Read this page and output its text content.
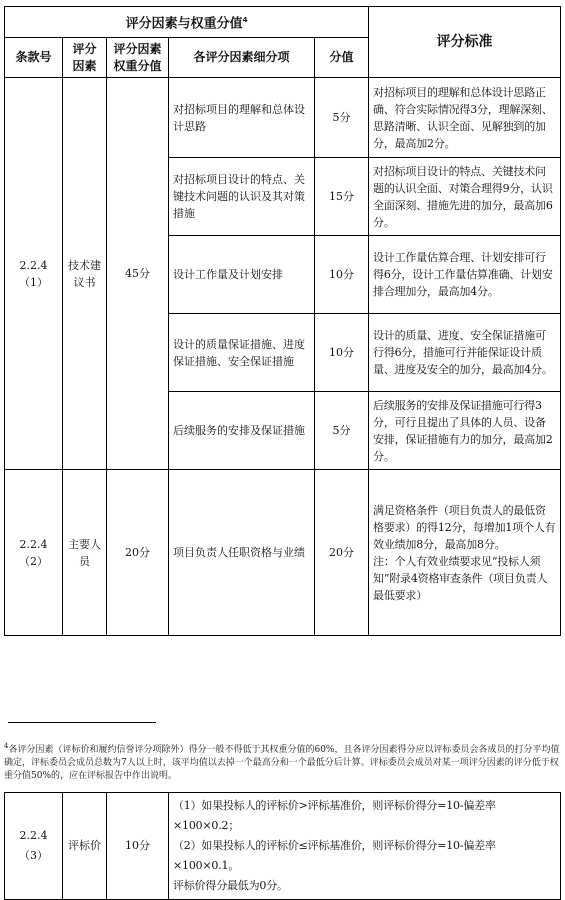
评分因素与权重分值$^4$					评分标准
条款号	评分因素	评分因素权重分值	各评分因素细分项	分值	
2.2.4（1）	技术建议书	45分	对招标项目的理解和总体设计思路	5分	对招标项目的理解和总体设计思路正确、符合实际情况得3分，理解深刻、思路清晰、认识全面、见解独到的加分，最高加2分。
			对招标项目设计的特点、关键技术问题的认识及其对策措施	15分	对招标项目设计的特点、关键技术问题的认识全面、对策合理得9分，认识全面深刻、措施先进的加分，最高加6分。
			设计工作量及计划安排	10分	设计工作量估算合理、计划安排可行得6分，设计工作量估算准确、计划安排合理加分，最高加4分。
			设计的质量保证措施、进度保证措施、安全保证措施	10分	设计的质量、进度、安全保证措施可行得6分，措施可行并能保证设计质量、进度及安全的加分，最高加4分。
			后续服务的安排及保证措施	5分	后续服务的安排及保证措施可行得3分，可行且提出了具体的人员、设备安排，保证措施有力的加分，最高加2分。
2.2.4（2）	主要人员	20分	项目负责人任职资格与业绩	20分	满足资格条件（项目负责人的最低资格要求）的得12分，每增加1项个人有效业绩加8分，最高加8分。
注：个人有效业绩要求见“投标人须知”附录4资格审查条件（项目负责人最低要求）
$^4$各评分因素（评标价和履约信誉评分项除外）得分一般不得低于其权重分值的60%，且各评分因素得分应以评标委员会各成员的打分平均值确定，评标委员会成员总数为7人以上时，该平均值以去掉一个最高分和一个最低分后计算。评标委员会成员对某一项评分因素的评分低于权重分值50%的，应在评标报告中作出说明。
2.2.4（3）	评标价	10分	
（1）如果投标人的评标价>评标基准价，则评标价得分=10-偏差率×100×0.2；
（2）如果投标人的评标价≤评标基准价，则评标价得分=10-偏差率×100×0.1。
评标价得分最低为0分。
